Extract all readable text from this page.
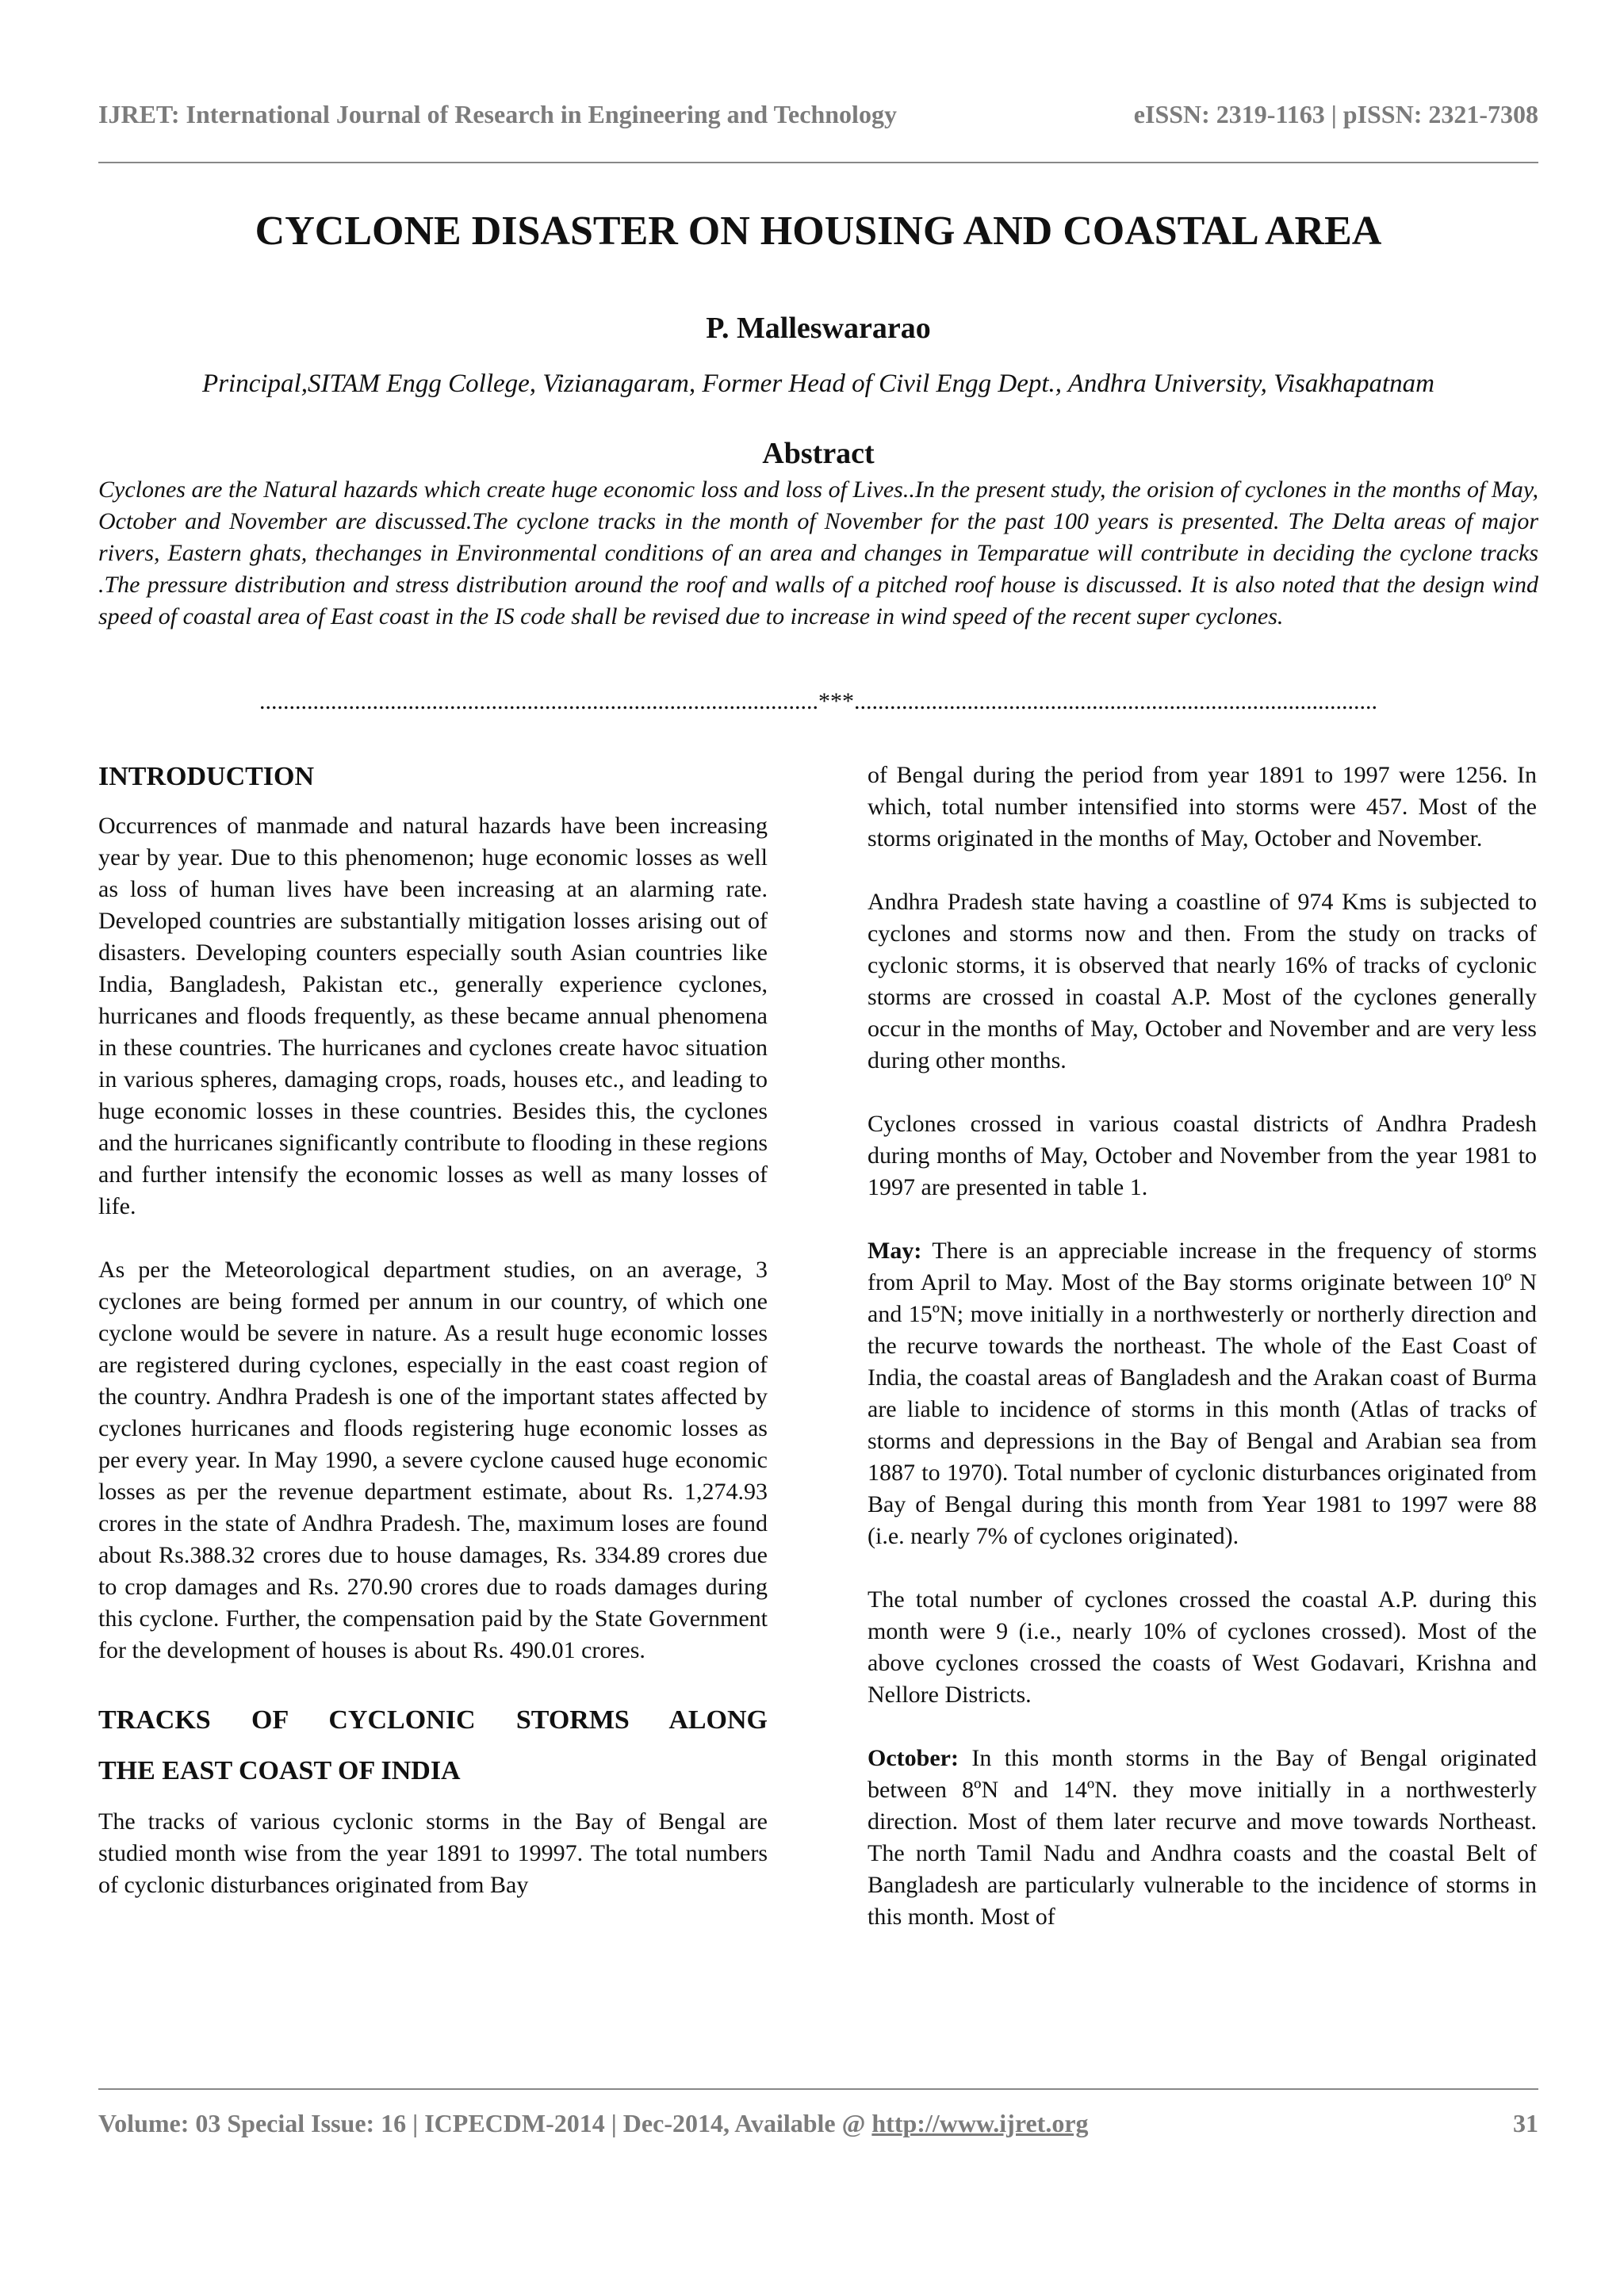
IJRET: International Journal of Research in Engineering and Technology	eISSN: 2319-1163 | pISSN: 2321-7308
CYCLONE DISASTER ON HOUSING AND COASTAL AREA
P. Malleswararao
Principal,SITAM Engg College, Vizianagaram, Former Head of Civil Engg Dept., Andhra University, Visakhapatnam
Abstract
Cyclones are the Natural hazards which create huge economic loss and loss of Lives..In the present study, the orision of cyclones in the months of May, October and November are discussed.The cyclone tracks in the month of November for the past 100 years is presented. The Delta areas of major rivers, Eastern ghats, thechanges in Environmental conditions of an area and changes in Temparatue will contribute in deciding the cyclone tracks .The pressure distribution and stress distribution around the roof and walls of a pitched roof house is discussed. It is also noted that the design wind speed of coastal area of East coast in the IS code shall be revised due to increase in wind speed of the recent super cyclones.
..............................................................................................***........................................................................................
INTRODUCTION

Occurrences of manmade and natural hazards have been increasing year by year. Due to this phenomenon; huge economic losses as well as loss of human lives have been increasing at an alarming rate. Developed countries are substantially mitigation losses arising out of disasters. Developing counters especially south Asian countries like India, Bangladesh, Pakistan etc., generally experience cyclones, hurricanes and floods frequently, as these became annual phenomena in these countries. The hurricanes and cyclones create havoc situation in various spheres, damaging crops, roads, houses etc., and leading to huge economic losses in these countries. Besides this, the cyclones and the hurricanes significantly contribute to flooding in these regions and further intensify the economic losses as well as many losses of life.

As per the Meteorological department studies, on an average, 3 cyclones are being formed per annum in our country, of which one cyclone would be severe in nature. As a result huge economic losses are registered during cyclones, especially in the east coast region of the country. Andhra Pradesh is one of the important states affected by cyclones hurricanes and floods registering huge economic losses as per every year. In May 1990, a severe cyclone caused huge economic losses as per the revenue department estimate, about Rs. 1,274.93 crores in the state of Andhra Pradesh. The, maximum loses are found about Rs.388.32 crores due to house damages, Rs. 334.89 crores due to crop damages and Rs. 270.90 crores due to roads damages during this cyclone. Further, the compensation paid by the State Government for the development of houses is about Rs. 490.01 crores.

TRACKS OF CYCLONIC STORMS ALONG
THE EAST COAST OF INDIA

The tracks of various cyclonic storms in the Bay of Bengal are studied month wise from the year 1891 to 19997. The total numbers of cyclonic disturbances originated from Bay

of Bengal during the period from year 1891 to 1997 were 1256. In which, total number intensified into storms were 457. Most of the storms originated in the months of May, October and November.

Andhra Pradesh state having a coastline of 974 Kms is subjected to cyclones and storms now and then. From the study on tracks of cyclonic storms, it is observed that nearly 16% of tracks of cyclonic storms are crossed in coastal A.P. Most of the cyclones generally occur in the months of May, October and November and are very less during other months.

Cyclones crossed in various coastal districts of Andhra Pradesh during months of May, October and November from the year 1981 to 1997 are presented in table 1.

May: There is an appreciable increase in the frequency of storms from April to May. Most of the Bay storms originate between 10º N and 15ºN; move initially in a northwesterly or northerly direction and the recurve towards the northeast. The whole of the East Coast of India, the coastal areas of Bangladesh and the Arakan coast of Burma are liable to incidence of storms in this month (Atlas of tracks of storms and depressions in the Bay of Bengal and Arabian sea from 1887 to 1970). Total number of cyclonic disturbances originated from Bay of Bengal during this month from Year 1981 to 1997 were 88 (i.e. nearly 7% of cyclones originated).

The total number of cyclones crossed the coastal A.P. during this month were 9 (i.e., nearly 10% of cyclones crossed). Most of the above cyclones crossed the coasts of West Godavari, Krishna and Nellore Districts.

October: In this month storms in the Bay of Bengal originated between 8ºN and 14ºN. they move initially in a northwesterly direction. Most of them later recurve and move towards Northeast. The north Tamil Nadu and Andhra coasts and the coastal Belt of Bangladesh are particularly vulnerable to the incidence of storms in this month. Most of

Volume: 03 Special Issue: 16 | ICPECDM-2014 | Dec-2014, Available @ http://www.ijret.org	31
